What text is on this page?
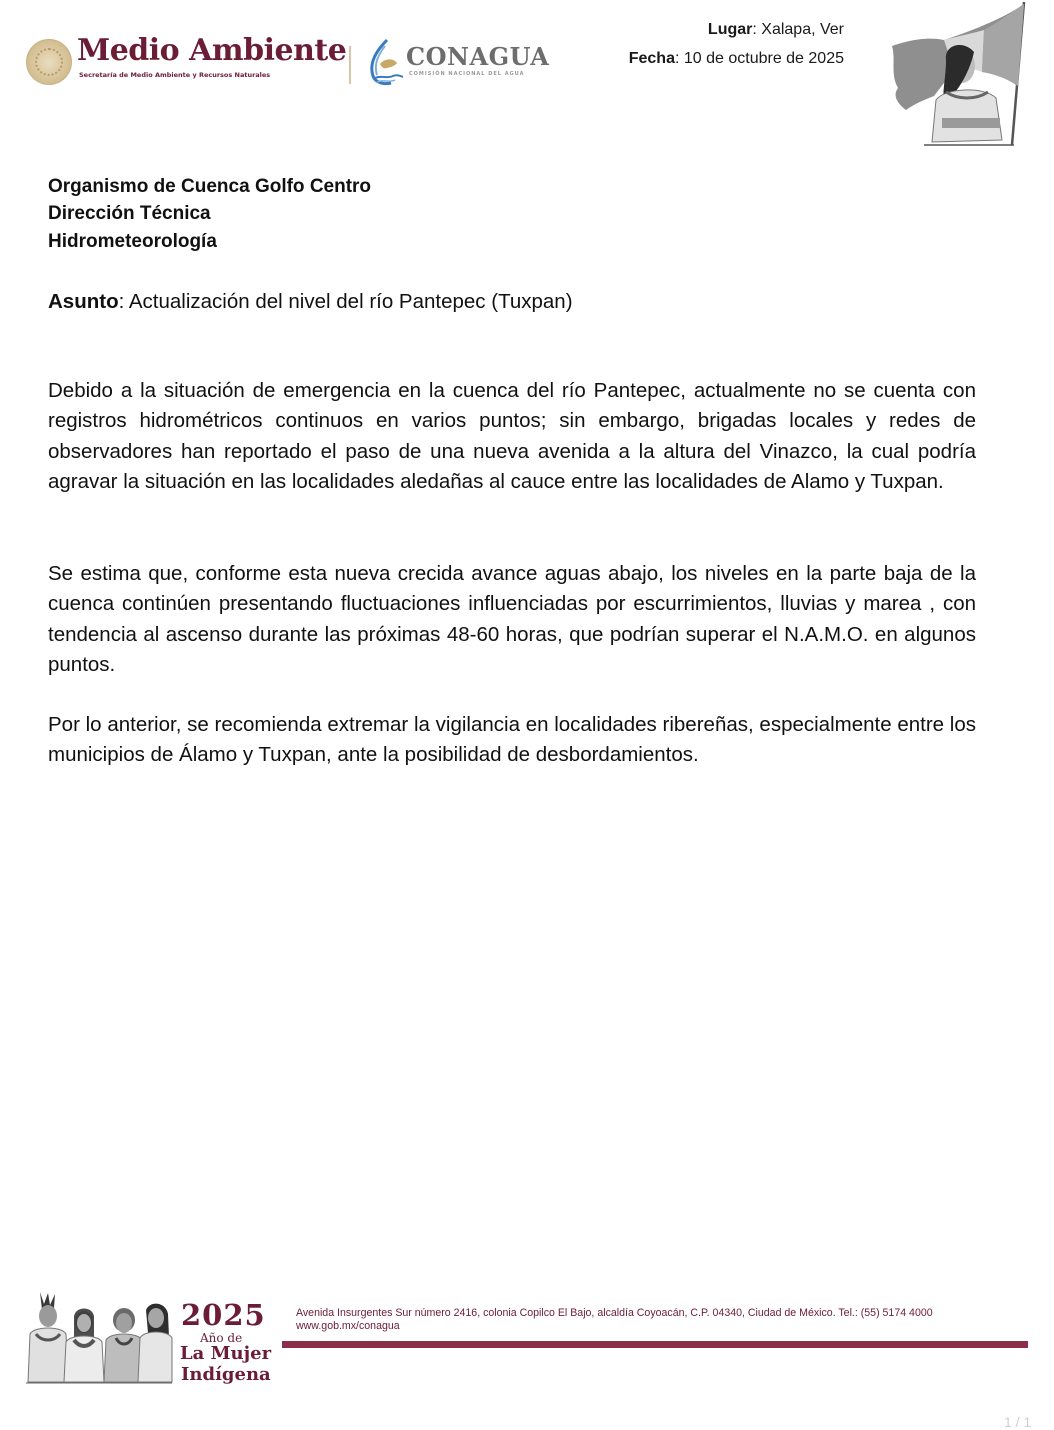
Medio Ambiente
Secretaría de Medio Ambiente y Recursos Naturales
CONAGUA
COMISIÓN NACIONAL DEL AGUA
Lugar: Xalapa, Ver
Fecha: 10 de octubre de 2025
Organismo de Cuenca Golfo Centro
Dirección Técnica
Hidrometeorología
Asunto: Actualización del nivel del río Pantepec (Tuxpan)
Debido a la situación de emergencia en la cuenca del río Pantepec, actualmente no se cuenta con registros hidrométricos continuos en varios puntos; sin embargo, brigadas locales y redes de observadores han reportado el paso de una nueva avenida a la altura del Vinazco, la cual podría agravar la situación en las localidades aledañas al cauce entre las localidades de Alamo y Tuxpan.
Se estima que, conforme esta nueva crecida avance aguas abajo, los niveles en la parte baja de la cuenca continúen presentando fluctuaciones influenciadas por escurrimientos, lluvias y marea , con tendencia al ascenso durante las próximas 48-60 horas, que podrían superar el N.A.M.O. en algunos puntos.
Por lo anterior, se recomienda extremar la vigilancia en localidades ribereñas, especialmente entre los municipios de Álamo y Tuxpan, ante la posibilidad de desbordamientos.
2025
Año de
La Mujer
Indígena
Avenida Insurgentes Sur número 2416, colonia Copilco El Bajo, alcaldía Coyoacán, C.P. 04340, Ciudad de México. Tel.: (55) 5174 4000
www.gob.mx/conagua
1 / 1
